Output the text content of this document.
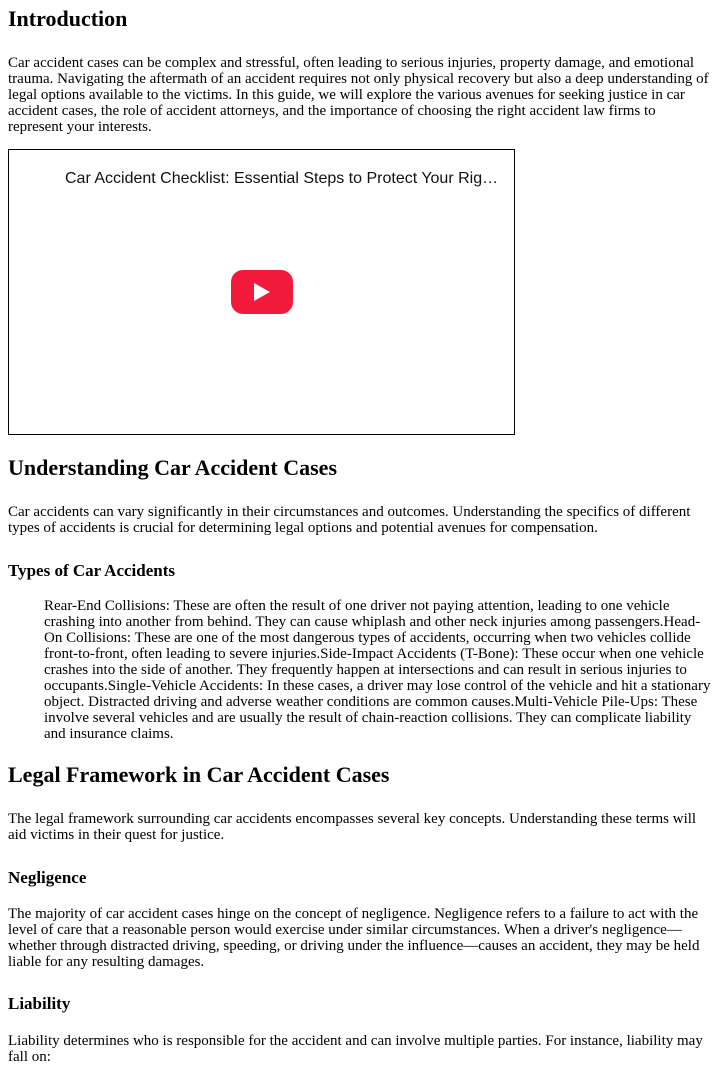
Introduction

Car accident cases can be complex and stressful, often leading to serious injuries, property damage, and emotional trauma. Navigating the aftermath of an accident requires not only physical recovery but also a deep understanding of legal options available to the victims. In this guide, we will explore the various avenues for seeking justice in car accident cases, the role of accident attorneys, and the importance of choosing the right accident law firms to represent your interests.

Car Accident Checklist: Essential Steps to Protect Your Rig…
Understanding Car Accident Cases

Car accidents can vary significantly in their circumstances and outcomes. Understanding the specifics of different types of accidents is crucial for determining legal options and potential avenues for compensation.

Types of Car Accidents
Rear-End Collisions: These are often the result of one driver not paying attention, leading to one vehicle crashing into another from behind. They can cause whiplash and other neck injuries among passengers.Head-On Collisions: These are one of the most dangerous types of accidents, occurring when two vehicles collide front-to-front, often leading to severe injuries.Side-Impact Accidents (T-Bone): These occur when one vehicle crashes into the side of another. They frequently happen at intersections and can result in serious injuries to occupants.Single-Vehicle Accidents: In these cases, a driver may lose control of the vehicle and hit a stationary object. Distracted driving and adverse weather conditions are common causes.Multi-Vehicle Pile-Ups: These involve several vehicles and are usually the result of chain-reaction collisions. They can complicate liability and insurance claims.
Legal Framework in Car Accident Cases

The legal framework surrounding car accidents encompasses several key concepts. Understanding these terms will aid victims in their quest for justice.

Negligence

The majority of car accident cases hinge on the concept of negligence. Negligence refers to a failure to act with the level of care that a reasonable person would exercise under similar circumstances. When a driver's negligence—whether through distracted driving, speeding, or driving under the influence—causes an accident, they may be held liable for any resulting damages.

Liability

Liability determines who is responsible for the accident and can involve multiple parties. For instance, liability may fall on:
